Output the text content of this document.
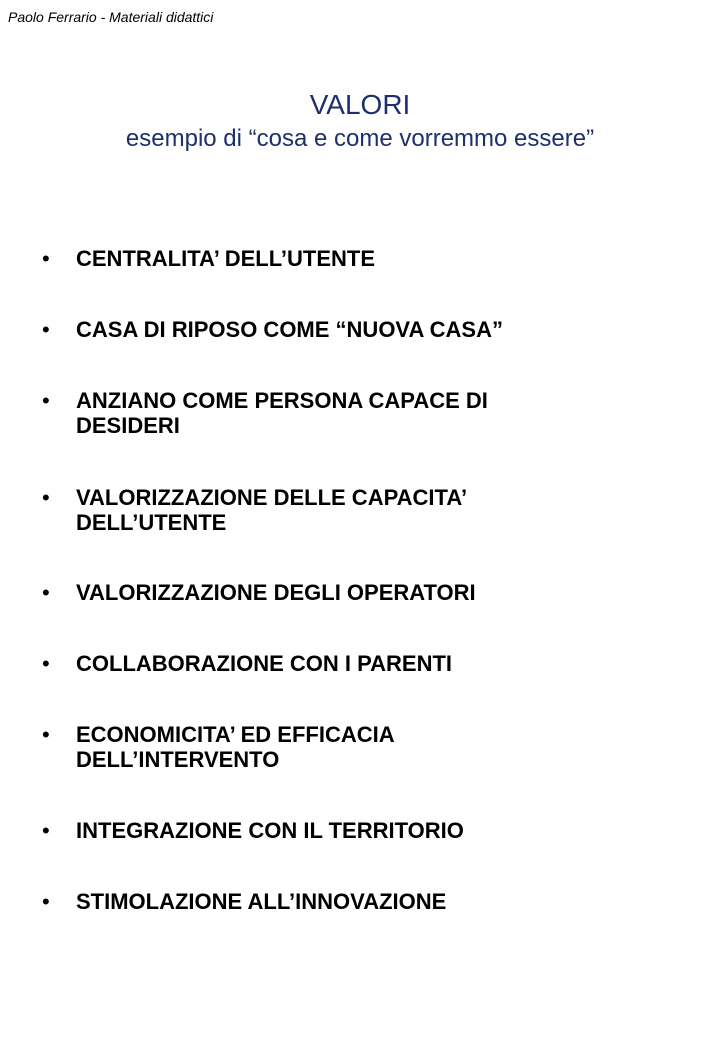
Paolo Ferrario - Materiali didattici
VALORI
esempio di “cosa e come vorremmo essere”
• CENTRALITA’ DELL’UTENTE
• CASA DI RIPOSO COME “NUOVA CASA”
• ANZIANO COME PERSONA CAPACE DI
DESIDERI
• VALORIZZAZIONE DELLE CAPACITA’
DELL’UTENTE
• VALORIZZAZIONE DEGLI OPERATORI
• COLLABORAZIONE CON I PARENTI
• ECONOMICITA’ ED EFFICACIA
DELL’INTERVENTO
• INTEGRAZIONE CON IL TERRITORIO
• STIMOLAZIONE ALL’INNOVAZIONE
